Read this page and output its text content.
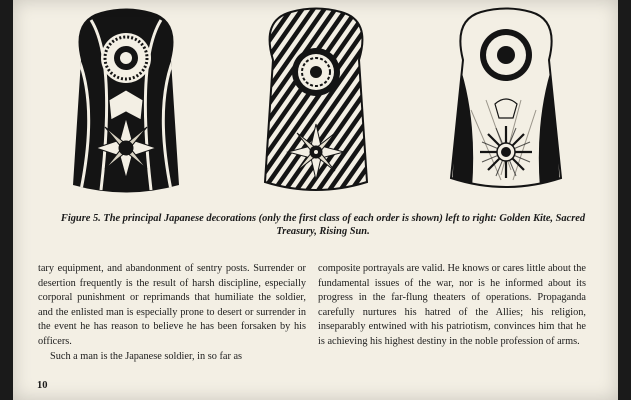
Figure 5. The principal Japanese decorations (only the first class of each order is shown) left to right: Golden Kite, Sacred Treasury, Rising Sun.

tary equipment, and abandonment of sentry posts. Surrender or desertion frequently is the result of harsh discipline, especially corporal punishment or reprimands that humiliate the soldier, and the enlisted man is especially prone to desert or surrender in the event he has reason to believe he has been forsaken by his officers.

Such a man is the Japanese soldier, in so far as

composite portrayals are valid. He knows or cares little about the fundamental issues of the war, nor is he informed about its progress in the far-flung theaters of operations. Propaganda carefully nurtures his hatred of the Allies; his religion, inseparably entwined with his patriotism, convinces him that he is achieving his highest destiny in the noble profession of arms.

10
